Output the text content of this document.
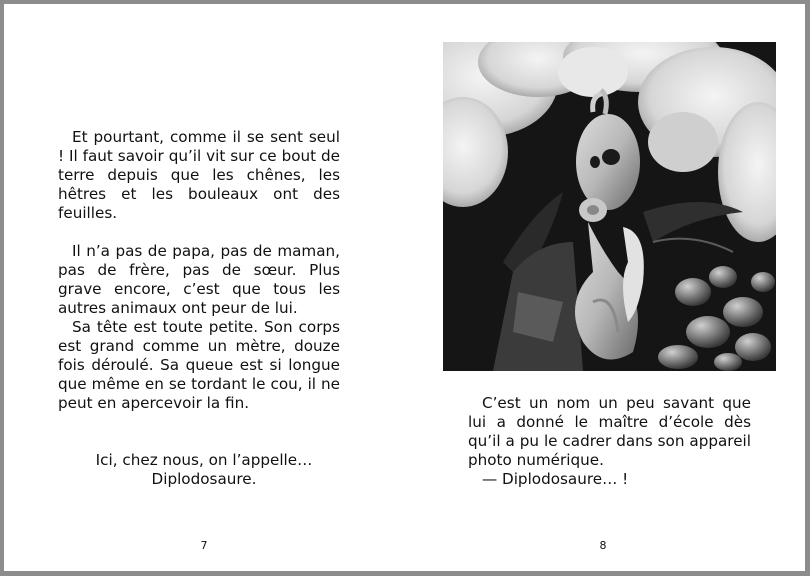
Et pourtant, comme il se sent seul ! Il faut savoir qu’il vit sur ce bout de terre depuis que les chênes, les hêtres et les bouleaux ont des feuilles.

Il n’a pas de papa, pas de maman, pas de frère, pas de sœur. Plus grave encore, c’est que tous les autres animaux ont peur de lui.

Sa tête est toute petite. Son corps est grand comme un mètre, douze fois déroulé. Sa queue est si longue que même en se tordant le cou, il ne peut en apercevoir la fin.

Ici, chez nous, on l’appelle…
Diplodosaure.
7

C’est un nom un peu savant que lui a donné le maître d’école dès qu’il a pu le cadrer dans son appareil photo numérique.

— Diplodosaure… !

8
